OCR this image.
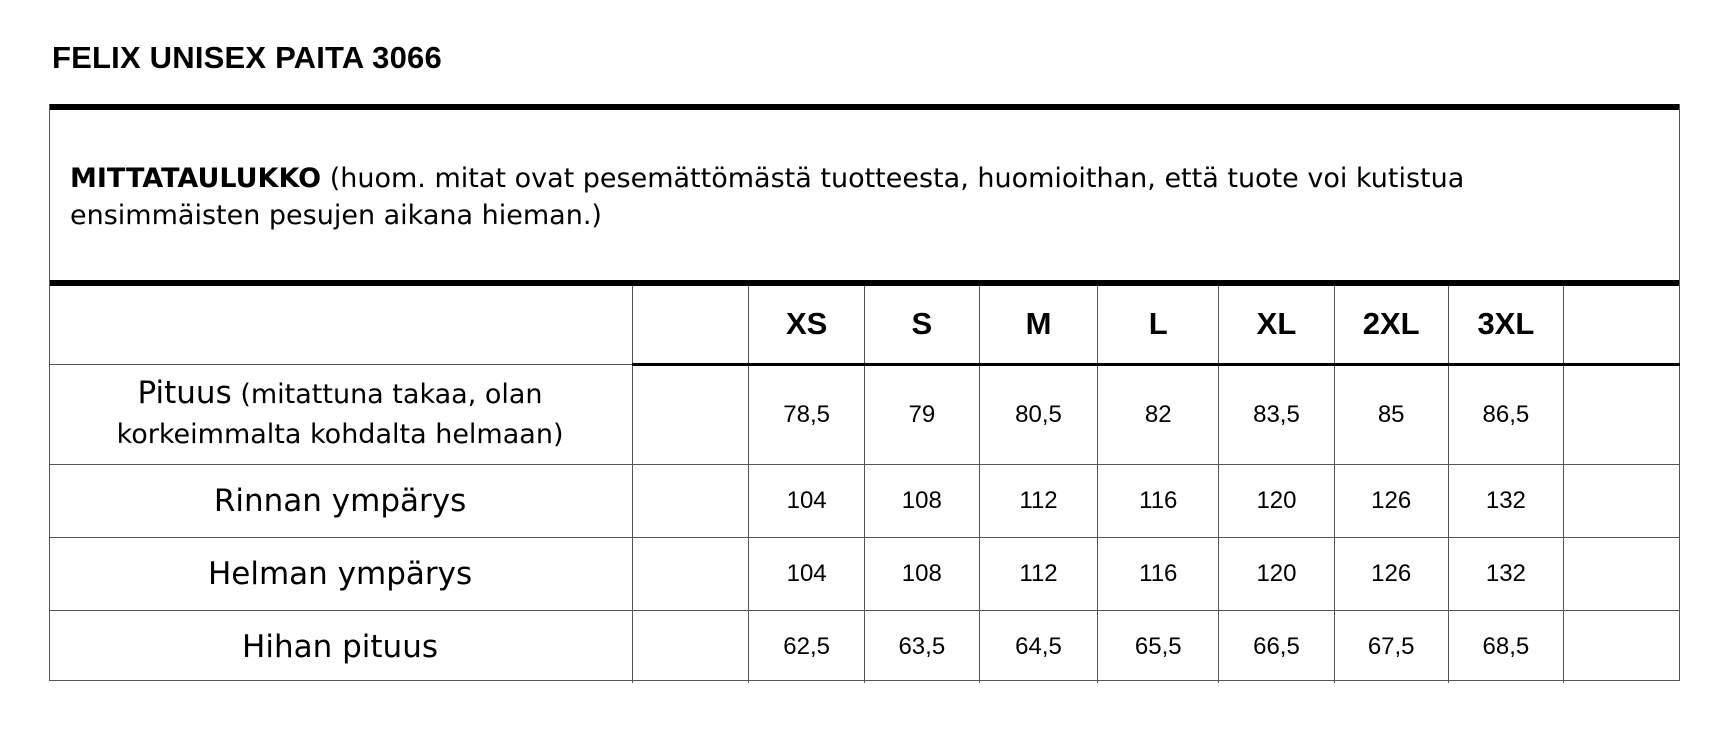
FELIX UNISEX PAITA 3066

MITTATAULUKKO (huom. mitat ovat pesemättömästä tuotteesta, huomioithan, että tuote voi kutistua ensimmäisten pesujen aikana hieman.)

		XS	S	M	L	XL	2XL	3XL	
Pituus (mitattuna takaa, olan korkeimmalta kohdalta helmaan)		78,5	79	80,5	82	83,5	85	86,5	
Rinnan ympärys		104	108	112	116	120	126	132	
Helman ympärys		104	108	112	116	120	126	132	
Hihan pituus		62,5	63,5	64,5	65,5	66,5	67,5	68,5	
